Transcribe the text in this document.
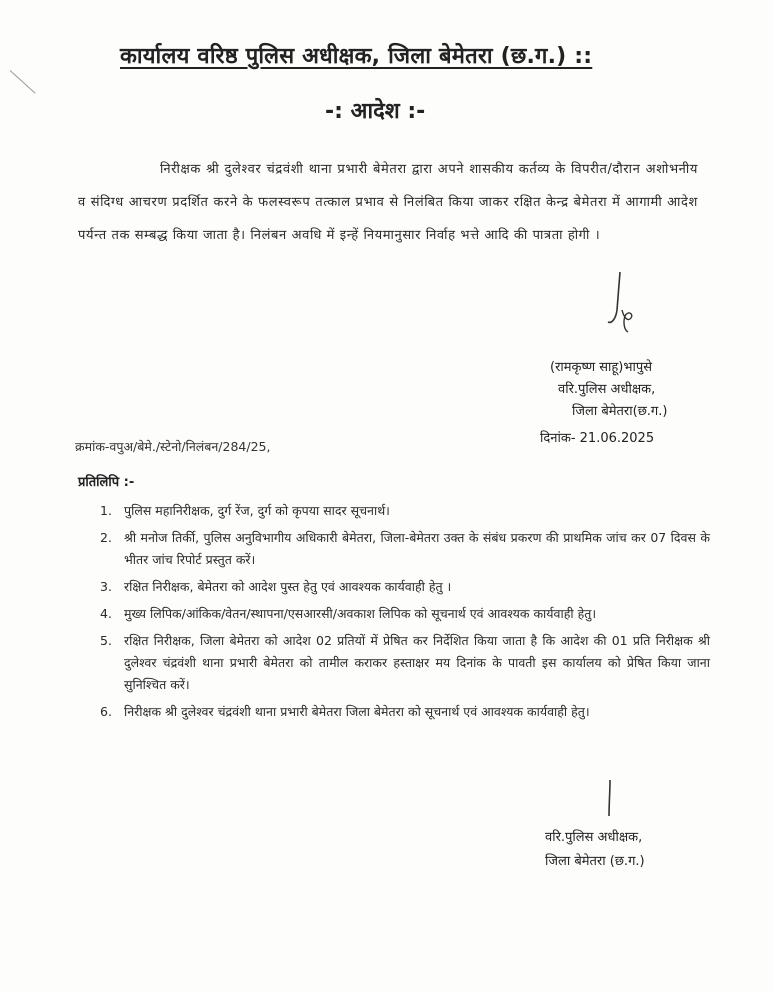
कार्यालय वरिष्ठ पुलिस अधीक्षक, जिला बेमेतरा (छ.ग.) ::
-: आदेश :-

निरीक्षक श्री दुलेश्वर चंद्रवंशी थाना प्रभारी बेमेतरा द्वारा अपने शासकीय कर्तव्य के विपरीत/दौरान अशोभनीय व संदिग्ध आचरण प्रदर्शित करने के फलस्वरूप तत्काल प्रभाव से निलंबित किया जाकर रक्षित केन्द्र बेमेतरा में आगामी आदेश पर्यन्त तक सम्बद्ध किया जाता है। निलंबन अवधि में इन्हें नियमानुसार निर्वाह भत्ते आदि की पात्रता होगी ।

(रामकृष्ण साहू)भापुसे
वरि.पुलिस अधीक्षक,
जिला बेमेतरा(छ.ग.)
क्रमांक-वपुअ/बेमे./स्टेनो/निलंबन/284/25,
दिनांक- 21.06.2025
प्रतिलिपि :-
1. पुलिस महानिरीक्षक, दुर्ग रेंज, दुर्ग को कृपया सादर सूचनार्थ।
2. श्री मनोज तिर्की, पुलिस अनुविभागीय अधिकारी बेमेतरा, जिला-बेमेतरा उक्त के संबंध प्रकरण की प्राथमिक जांच कर 07 दिवस के भीतर जांच रिपोर्ट प्रस्तुत करें।
3. रक्षित निरीक्षक, बेमेतरा को आदेश पुस्त हेतु एवं आवश्यक कार्यवाही हेतु ।
4. मुख्य लिपिक/आंकिक/वेतन/स्थापना/एसआरसी/अवकाश लिपिक को सूचनार्थ एवं आवश्यक कार्यवाही हेतु।
5. रक्षित निरीक्षक, जिला बेमेतरा को आदेश 02 प्रतियों में प्रेषित कर निर्देशित किया जाता है कि आदेश की 01 प्रति निरीक्षक श्री दुलेश्वर चंद्रवंशी थाना प्रभारी बेमेतरा को तामील कराकर हस्ताक्षर मय दिनांक के पावती इस कार्यालय को प्रेषित किया जाना सुनिश्चित करें।
6. निरीक्षक श्री दुलेश्वर चंद्रवंशी थाना प्रभारी बेमेतरा जिला बेमेतरा को सूचनार्थ एवं आवश्यक कार्यवाही हेतु।
वरि.पुलिस अधीक्षक,
जिला बेमेतरा (छ.ग.)
